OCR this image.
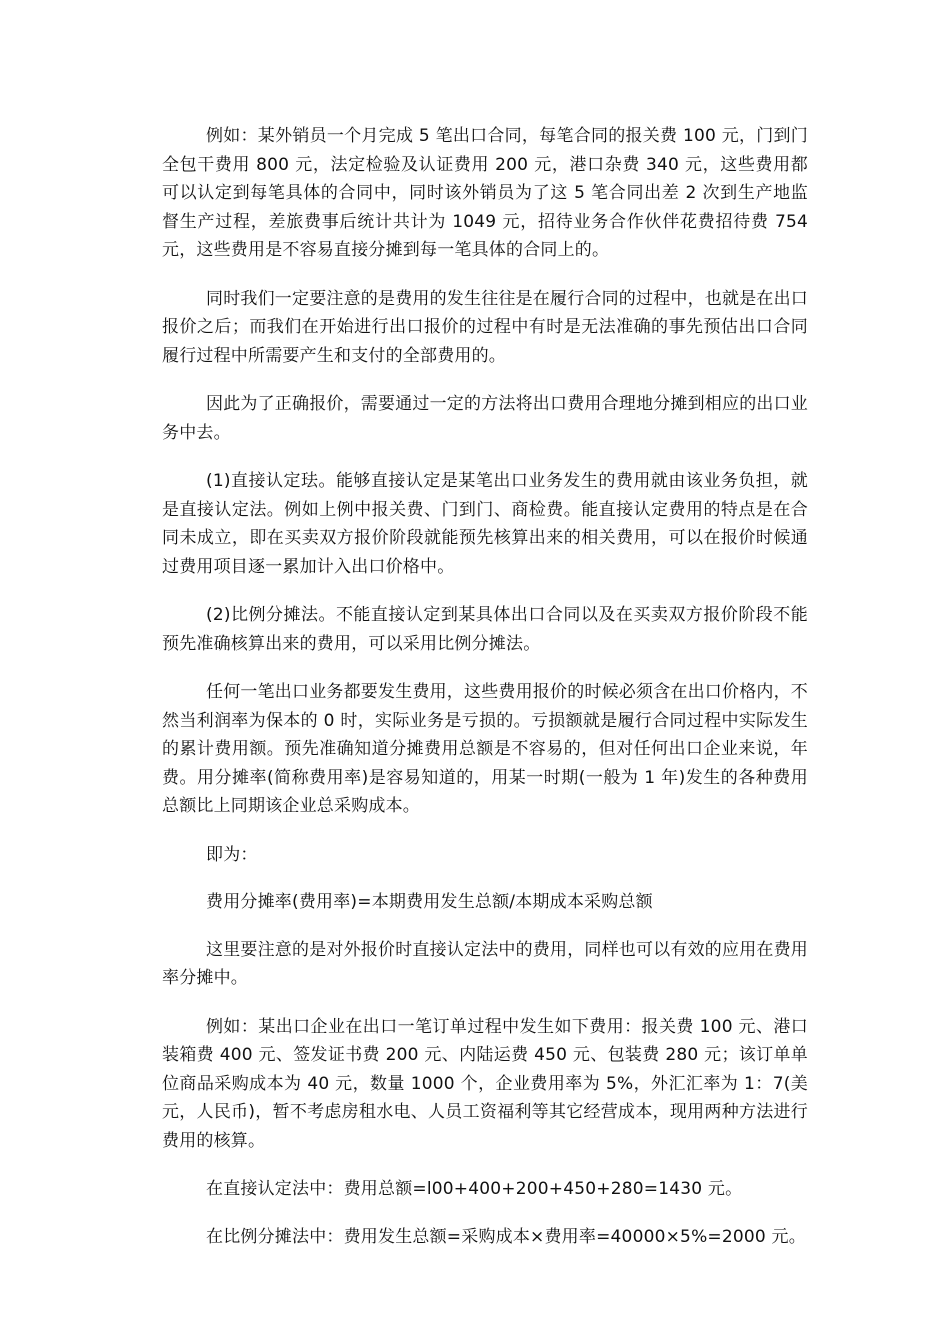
例如：某外销员一个月完成 5 笔出口合同，每笔合同的报关费 100 元，门到门全包干费用 800 元，法定检验及认证费用 200 元，港口杂费 340 元，这些费用都可以认定到每笔具体的合同中，同时该外销员为了这 5 笔合同出差 2 次到生产地监督生产过程，差旅费事后统计共计为 1049 元，招待业务合作伙伴花费招待费 754 元，这些费用是不容易直接分摊到每一笔具体的合同上的。

同时我们一定要注意的是费用的发生往往是在履行合同的过程中，也就是在出口报价之后；而我们在开始进行出口报价的过程中有时是无法准确的事先预估出口合同履行过程中所需要产生和支付的全部费用的。

因此为了正确报价，需要通过一定的方法将出口费用合理地分摊到相应的出口业务中去。

(1)直接认定珐。能够直接认定是某笔出口业务发生的费用就由该业务负担，就是直接认定法。例如上例中报关费、门到门、商检费。能直接认定费用的特点是在合同未成立，即在买卖双方报价阶段就能预先核算出来的相关费用，可以在报价时候通过费用项目逐一累加计入出口价格中。

(2)比例分摊法。不能直接认定到某具体出口合同以及在买卖双方报价阶段不能预先准确核算出来的费用，可以采用比例分摊法。

任何一笔出口业务都要发生费用，这些费用报价的时候必须含在出口价格内，不然当利润率为保本的 0 时，实际业务是亏损的。亏损额就是履行合同过程中实际发生的累计费用额。预先准确知道分摊费用总额是不容易的，但对任何出口企业来说，年费。用分摊率(简称费用率)是容易知道的，用某一时期(一般为 1 年)发生的各种费用总额比上同期该企业总采购成本。

即为：

费用分摊率(费用率)=本期费用发生总额/本期成本采购总额

这里要注意的是对外报价时直接认定法中的费用，同样也可以有效的应用在费用率分摊中。

例如：某出口企业在出口一笔订单过程中发生如下费用：报关费 100 元、港口装箱费 400 元、签发证书费 200 元、内陆运费 450 元、包装费 280 元；该订单单位商品采购成本为 40 元，数量 1000 个，企业费用率为 5%，外汇汇率为 1：7(美元，人民币)，暂不考虑房租水电、人员工资福利等其它经营成本，现用两种方法进行费用的核算。

在直接认定法中：费用总额=l00+400+200+450+280=1430 元。

在比例分摊法中：费用发生总额=采购成本×费用率=40000×5%=2000 元。
